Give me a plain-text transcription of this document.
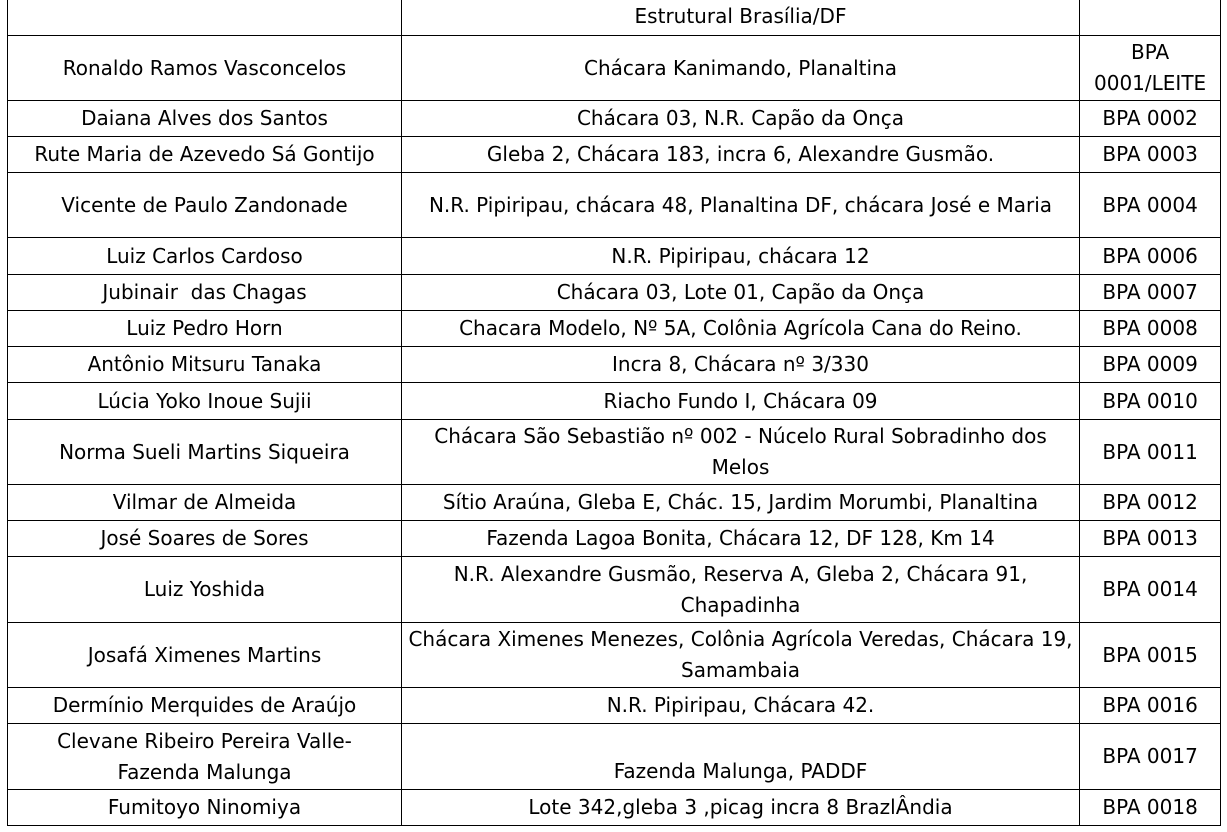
	Estrutural Brasília/DF	
Ronaldo Ramos Vasconcelos	Chácara Kanimando, Planaltina	BPA 0001/LEITE
Daiana Alves dos Santos	Chácara 03, N.R. Capão da Onça	BPA 0002
Rute Maria de Azevedo Sá Gontijo	Gleba 2, Chácara 183, incra 6, Alexandre Gusmão.	BPA 0003
Vicente de Paulo Zandonade	N.R. Pipiripau, chácara 48, Planaltina DF, chácara José e Maria	BPA 0004
Luiz Carlos Cardoso	N.R. Pipiripau, chácara 12	BPA 0006
Jubinair  das Chagas	Chácara 03, Lote 01, Capão da Onça	BPA 0007
Luiz Pedro Horn	Chacara Modelo, Nº 5A, Colônia Agrícola Cana do Reino.	BPA 0008
Antônio Mitsuru Tanaka	Incra 8, Chácara nº 3/330	BPA 0009
Lúcia Yoko Inoue Sujii	Riacho Fundo I, Chácara 09	BPA 0010
Norma Sueli Martins Siqueira	Chácara São Sebastião nº 002 - Núcelo Rural Sobradinho dos Melos	BPA 0011
Vilmar de Almeida	Sítio Araúna, Gleba E, Chác. 15, Jardim Morumbi, Planaltina	BPA 0012
José Soares de Sores	Fazenda Lagoa Bonita, Chácara 12, DF 128, Km 14	BPA 0013
Luiz Yoshida	N.R. Alexandre Gusmão, Reserva A, Gleba 2, Chácara 91, Chapadinha	BPA 0014
Josafá Ximenes Martins	Chácara Ximenes Menezes, Colônia Agrícola Veredas, Chácara 19, Samambaia	BPA 0015
Dermínio Merquides de Araújo	N.R. Pipiripau, Chácara 42.	BPA 0016
Clevane Ribeiro Pereira Valle-Fazenda Malunga	Fazenda Malunga, PADDF	BPA 0017
Fumitoyo Ninomiya	Lote 342,gleba 3 ,picag incra 8 BrazlÂndia	BPA 0018
